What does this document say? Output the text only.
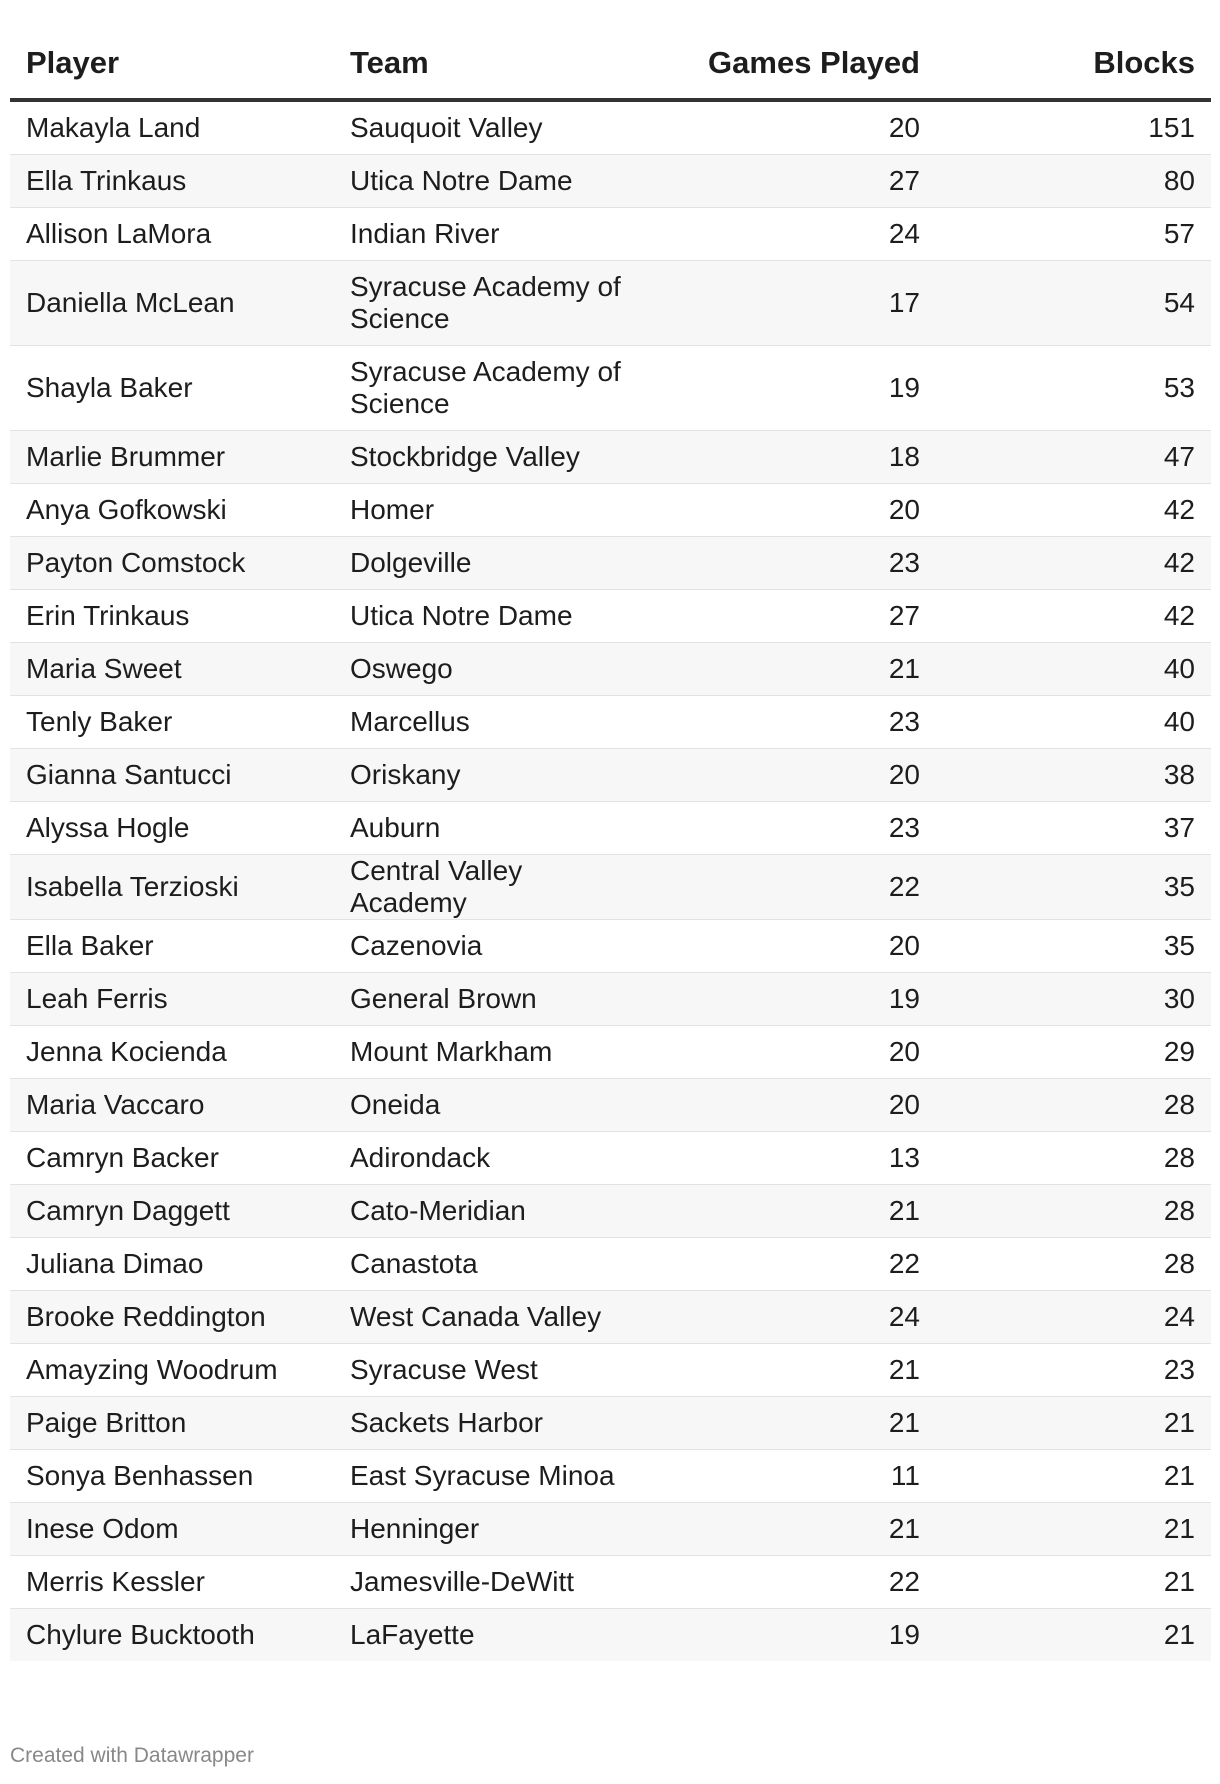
Player	Team	Games Played	Blocks
Makayla Land	Sauquoit Valley	20	151
Ella Trinkaus	Utica Notre Dame	27	80
Allison LaMora	Indian River	24	57
Daniella McLean	Syracuse Academy of Science	17	54
Shayla Baker	Syracuse Academy of Science	19	53
Marlie Brummer	Stockbridge Valley	18	47
Anya Gofkowski	Homer	20	42
Payton Comstock	Dolgeville	23	42
Erin Trinkaus	Utica Notre Dame	27	42
Maria Sweet	Oswego	21	40
Tenly Baker	Marcellus	23	40
Gianna Santucci	Oriskany	20	38
Alyssa Hogle	Auburn	23	37
Isabella Terzioski	Central Valley Academy	22	35
Ella Baker	Cazenovia	20	35
Leah Ferris	General Brown	19	30
Jenna Kocienda	Mount Markham	20	29
Maria Vaccaro	Oneida	20	28
Camryn Backer	Adirondack	13	28
Camryn Daggett	Cato-Meridian	21	28
Juliana Dimao	Canastota	22	28
Brooke Reddington	West Canada Valley	24	24
Amayzing Woodrum	Syracuse West	21	23
Paige Britton	Sackets Harbor	21	21
Sonya Benhassen	East Syracuse Minoa	11	21
Inese Odom	Henninger	21	21
Merris Kessler	Jamesville-DeWitt	22	21
Chylure Bucktooth	LaFayette	19	21
Created with Datawrapper
